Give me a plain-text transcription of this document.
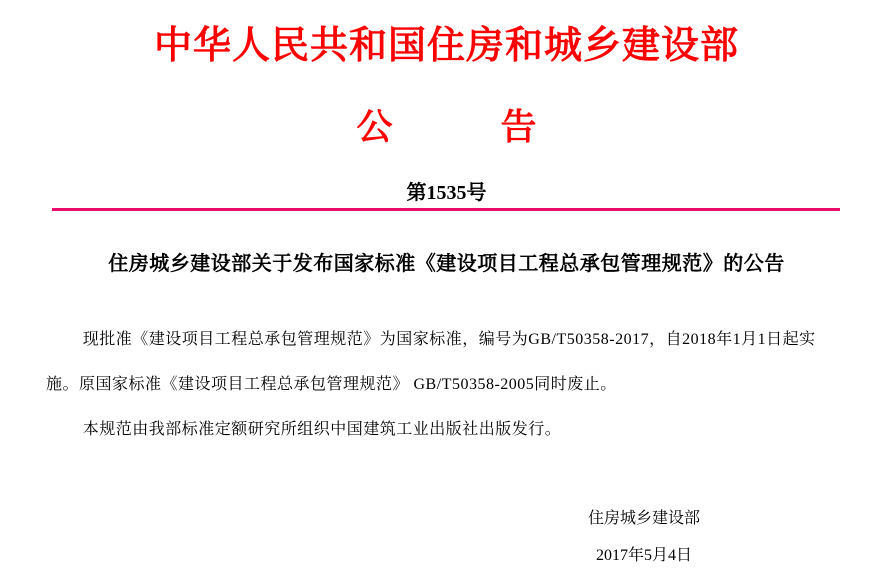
中华人民共和国住房和城乡建设部
公　　　告
第1535号
住房城乡建设部关于发布国家标准《建设项目工程总承包管理规范》的公告

现批准《建设项目工程总承包管理规范》为国家标准，编号为GB/T50358-2017，自2018年1月1日起实施。原国家标准《建设项目工程总承包管理规范》 GB/T50358-2005同时废止。

本规范由我部标准定额研究所组织中国建筑工业出版社出版发行。

住房城乡建设部
2017年5月4日
